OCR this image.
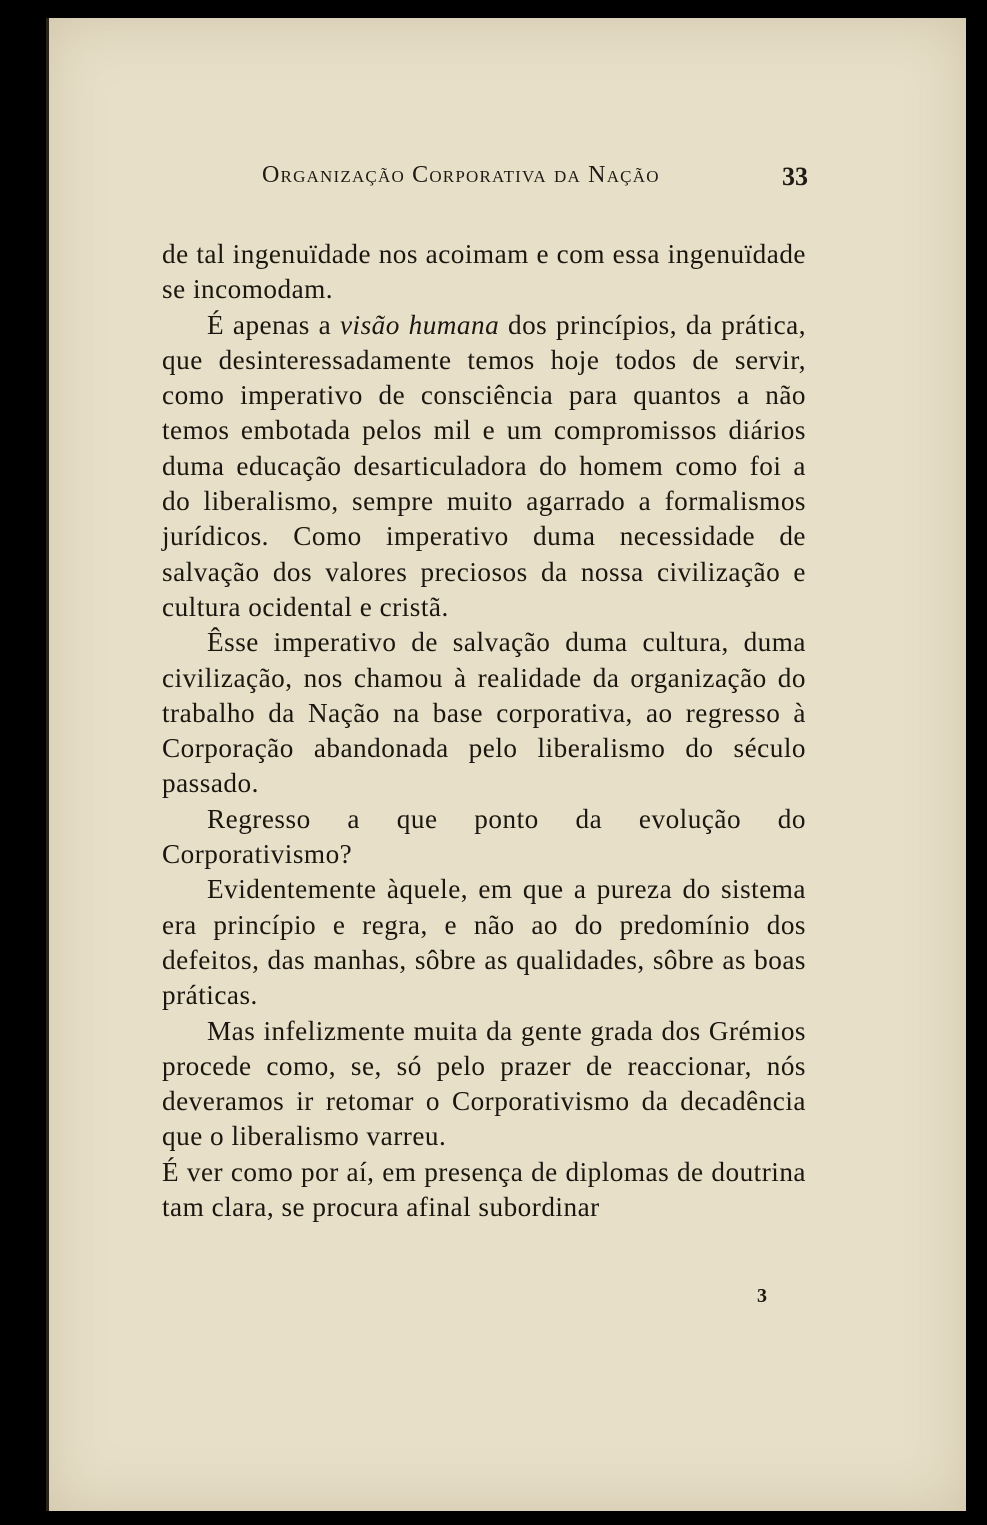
Organização Corporativa da Nação	33

de tal ingenuïdade nos acoimam e com essa ingenuïdade se incomodam.

É apenas a visão humana dos princípios, da prática, que desinteressadamente temos hoje todos de servir, como imperativo de consciência para quantos a não temos embotada pelos mil e um compromissos diários duma educação desarticuladora do homem como foi a do liberalismo, sempre muito agarrado a formalismos jurídicos. Como imperativo duma necessidade de salvação dos valores preciosos da nossa civilização e cultura ocidental e cristã.

Êsse imperativo de salvação duma cultura, duma civilização, nos chamou à realidade da organização do trabalho da Nação na base corporativa, ao regresso à Corporação abandonada pelo liberalismo do século passado.

Regresso a que ponto da evolução do Corporativismo?

Evidentemente àquele, em que a pureza do sistema era princípio e regra, e não ao do predomínio dos defeitos, das manhas, sôbre as qualidades, sôbre as boas práticas.

Mas infelizmente muita da gente grada dos Grémios procede como, se, só pelo prazer de reaccionar, nós deveramos ir retomar o Corporativismo da decadência que o liberalismo varreu.

É ver como por aí, em presença de diplomas de doutrina tam clara, se procura afinal subordinar

3
